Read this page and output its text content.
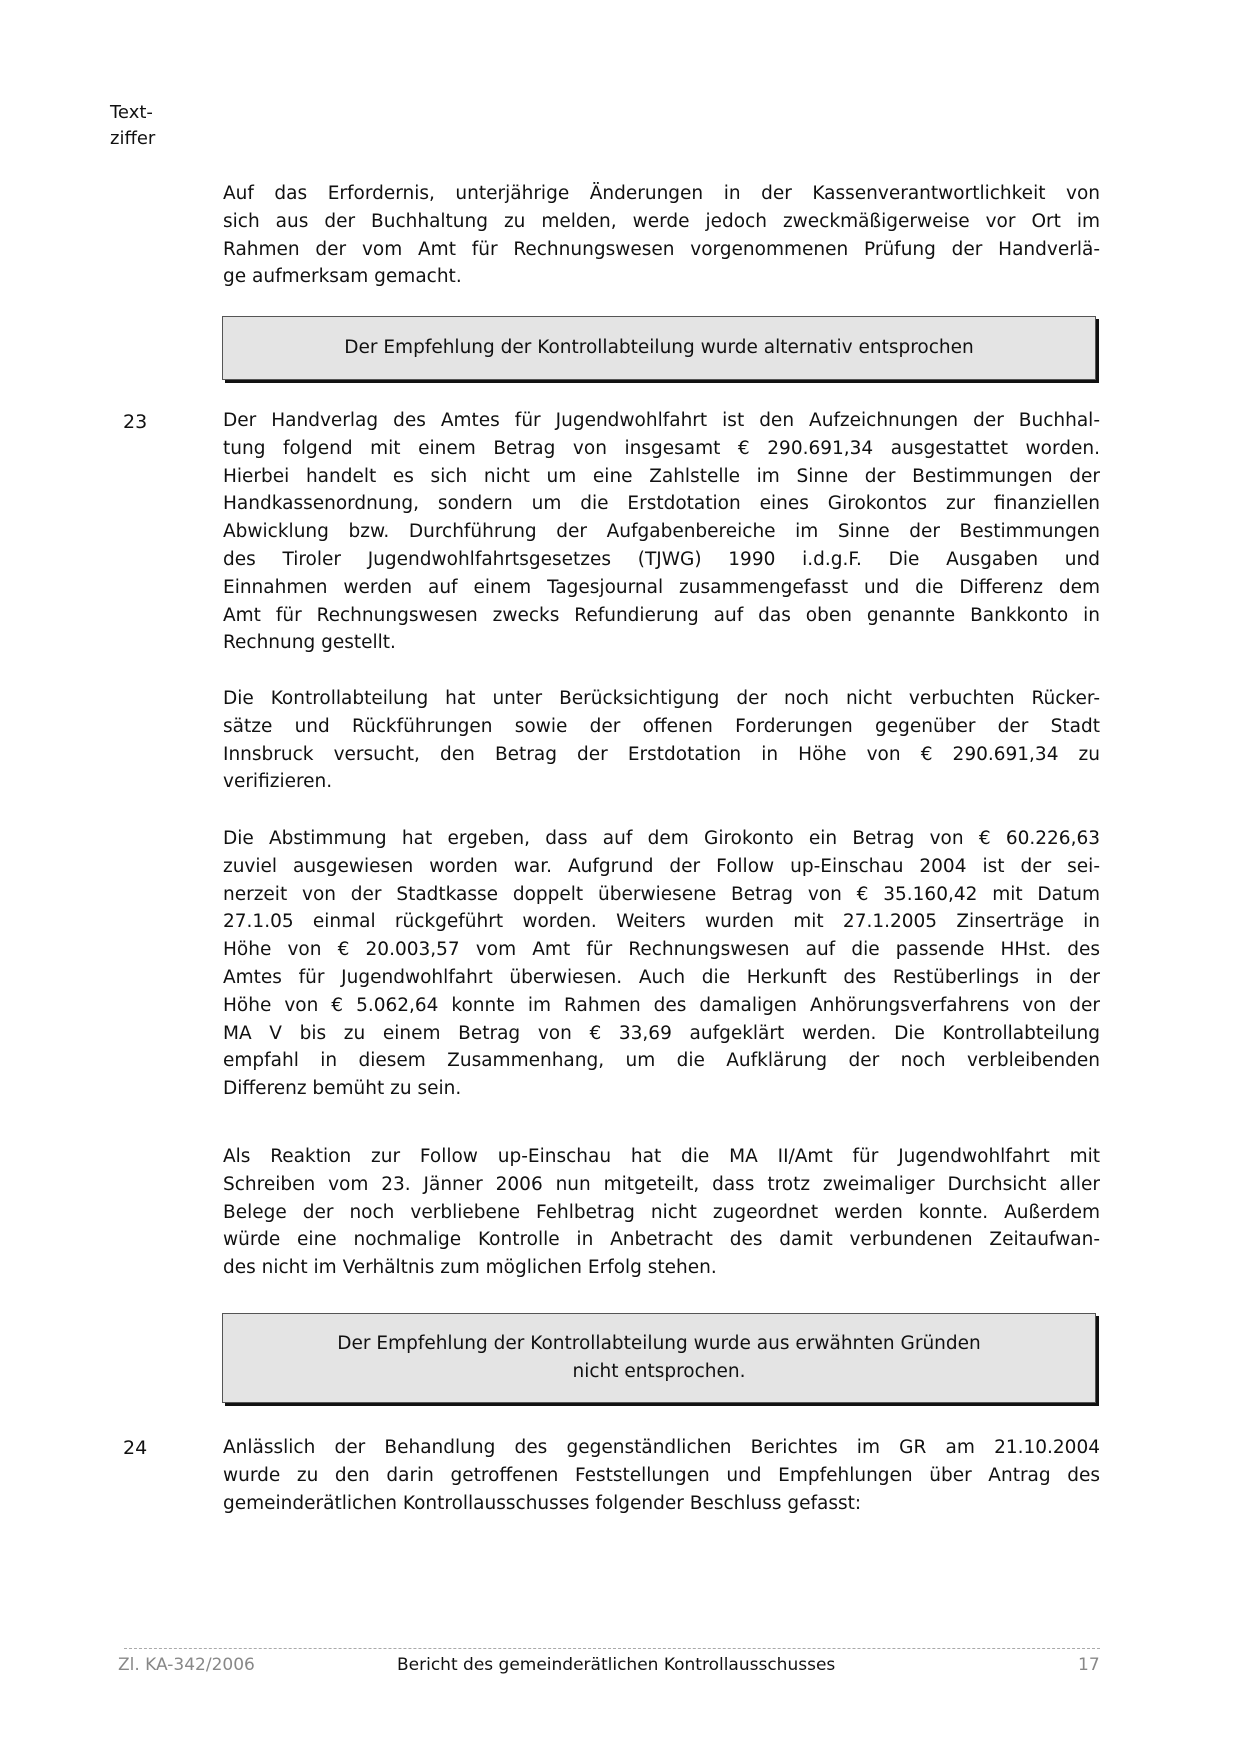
Text-
ziffer
Auf das Erfordernis, unterjährige Änderungen in der Kassenverantwortlichkeit von
sich aus der Buchhaltung zu melden, werde jedoch zweckmäßigerweise vor Ort im
Rahmen der vom Amt für Rechnungswesen vorgenommenen Prüfung der Handverlä-
ge aufmerksam gemacht.
Der Empfehlung der Kontrollabteilung wurde alternativ entsprochen
23	Der Handverlag des Amtes für Jugendwohlfahrt ist den Aufzeichnungen der Buchhal-
tung folgend mit einem Betrag von insgesamt € 290.691,34 ausgestattet worden.
Hierbei handelt es sich nicht um eine Zahlstelle im Sinne der Bestimmungen der
Handkassenordnung, sondern um die Erstdotation eines Girokontos zur finanziellen
Abwicklung bzw. Durchführung der Aufgabenbereiche im Sinne der Bestimmungen
des Tiroler Jugendwohlfahrtsgesetzes (TJWG) 1990 i.d.g.F. Die Ausgaben und
Einnahmen werden auf einem Tagesjournal zusammengefasst und die Differenz dem
Amt für Rechnungswesen zwecks Refundierung auf das oben genannte Bankkonto in
Rechnung gestellt.
Die Kontrollabteilung hat unter Berücksichtigung der noch nicht verbuchten Rücker-
sätze und Rückführungen sowie der offenen Forderungen gegenüber der Stadt
Innsbruck versucht, den Betrag der Erstdotation in Höhe von € 290.691,34 zu
verifizieren.
Die Abstimmung hat ergeben, dass auf dem Girokonto ein Betrag von € 60.226,63
zuviel ausgewiesen worden war. Aufgrund der Follow up-Einschau 2004 ist der sei-
nerzeit von der Stadtkasse doppelt überwiesene Betrag von € 35.160,42 mit Datum
27.1.05 einmal rückgeführt worden. Weiters wurden mit 27.1.2005 Zinserträge in
Höhe von € 20.003,57 vom Amt für Rechnungswesen auf die passende HHst. des
Amtes für Jugendwohlfahrt überwiesen. Auch die Herkunft des Restüberlings in der
Höhe von € 5.062,64 konnte im Rahmen des damaligen Anhörungsverfahrens von der
MA V bis zu einem Betrag von € 33,69 aufgeklärt werden. Die Kontrollabteilung
empfahl in diesem Zusammenhang, um die Aufklärung der noch verbleibenden
Differenz bemüht zu sein.
Als Reaktion zur Follow up-Einschau hat die MA II/Amt für Jugendwohlfahrt mit
Schreiben vom 23. Jänner 2006 nun mitgeteilt, dass trotz zweimaliger Durchsicht aller
Belege der noch verbliebene Fehlbetrag nicht zugeordnet werden konnte. Außerdem
würde eine nochmalige Kontrolle in Anbetracht des damit verbundenen Zeitaufwan-
des nicht im Verhältnis zum möglichen Erfolg stehen.
Der Empfehlung der Kontrollabteilung wurde aus erwähnten Gründen
nicht entsprochen.
24	Anlässlich der Behandlung des gegenständlichen Berichtes im GR am 21.10.2004
wurde zu den darin getroffenen Feststellungen und Empfehlungen über Antrag des
gemeinderätlichen Kontrollausschusses folgender Beschluss gefasst:
Zl. KA-342/2006	Bericht des gemeinderätlichen Kontrollausschusses	17
